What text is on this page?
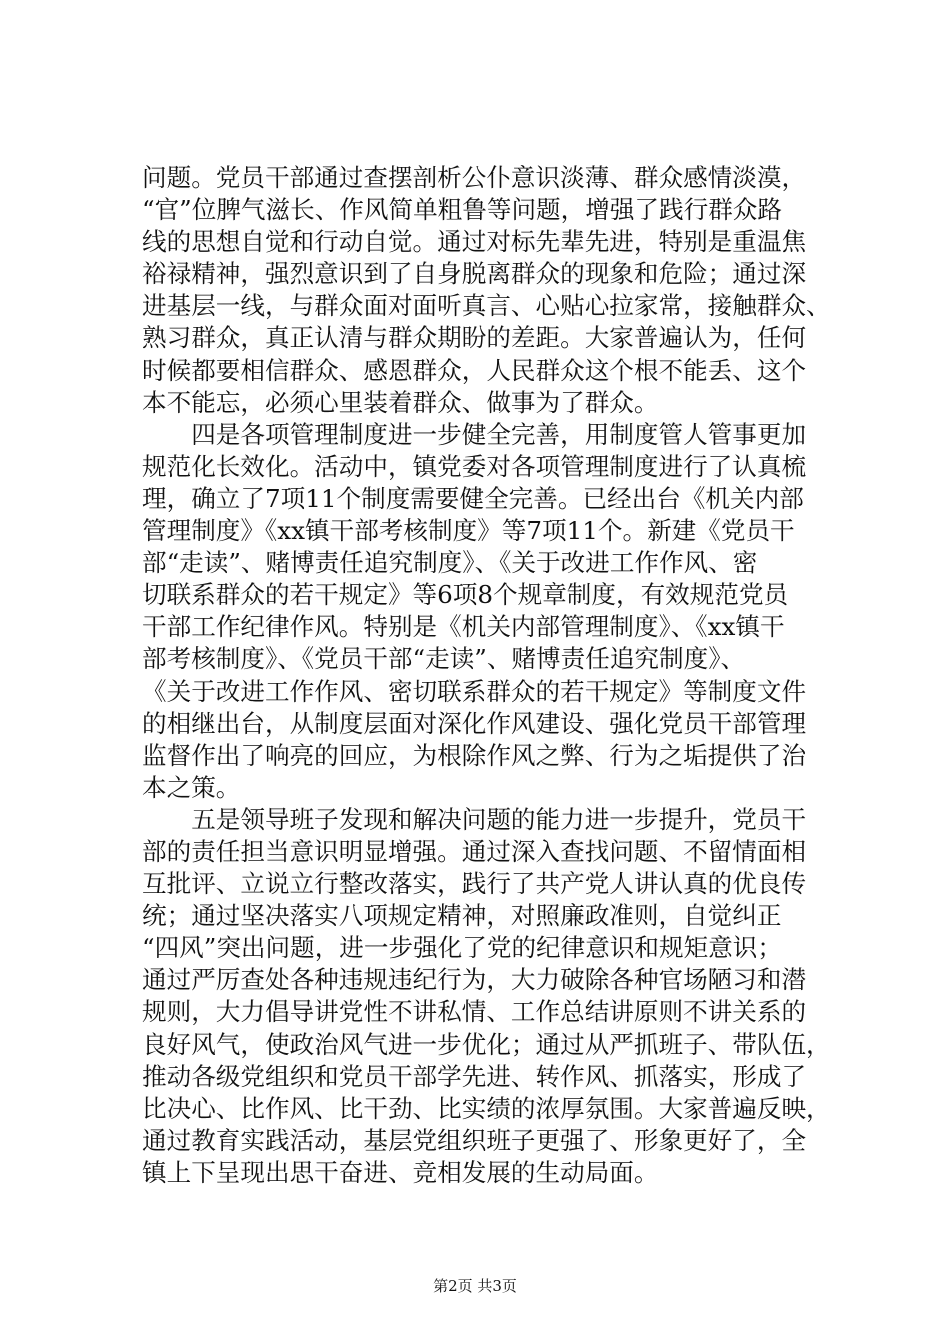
问题。党员干部通过查摆剖析公仆意识淡薄、群众感情淡漠，
“官”位脾气滋长、作风简单粗鲁等问题，增强了践行群众路
线的思想自觉和行动自觉。通过对标先辈先进，特别是重温焦
裕禄精神，强烈意识到了自身脱离群众的现象和危险；通过深
进基层一线，与群众面对面听真言、心贴心拉家常，接触群众、
熟习群众，真正认清与群众期盼的差距。大家普遍认为，任何
时候都要相信群众、感恩群众，人民群众这个根不能丢、这个
本不能忘，必须心里装着群众、做事为了群众。
　　四是各项管理制度进一步健全完善，用制度管人管事更加
规范化长效化。活动中，镇党委对各项管理制度进行了认真梳
理，确立了7项11个制度需要健全完善。已经出台《机关内部
管理制度》《xx镇干部考核制度》等7项11个。新建《党员干
部“走读”、赌博责任追究制度》、《关于改进工作作风、密
切联系群众的若干规定》等6项8个规章制度，有效规范党员
干部工作纪律作风。特别是《机关内部管理制度》、《xx镇干
部考核制度》、《党员干部“走读”、赌博责任追究制度》、
《关于改进工作作风、密切联系群众的若干规定》等制度文件
的相继出台，从制度层面对深化作风建设、强化党员干部管理
监督作出了响亮的回应，为根除作风之弊、行为之垢提供了治
本之策。
　　五是领导班子发现和解决问题的能力进一步提升，党员干
部的责任担当意识明显增强。通过深入查找问题、不留情面相
互批评、立说立行整改落实，践行了共产党人讲认真的优良传
统；通过坚决落实八项规定精神，对照廉政准则，自觉纠正
“四风”突出问题，进一步强化了党的纪律意识和规矩意识；
通过严厉查处各种违规违纪行为，大力破除各种官场陋习和潜
规则，大力倡导讲党性不讲私情、工作总结讲原则不讲关系的
良好风气，使政治风气进一步优化；通过从严抓班子、带队伍，
推动各级党组织和党员干部学先进、转作风、抓落实，形成了
比决心、比作风、比干劲、比实绩的浓厚氛围。大家普遍反映，
通过教育实践活动，基层党组织班子更强了、形象更好了，全
镇上下呈现出思干奋进、竞相发展的生动局面。
第2页 共3页
